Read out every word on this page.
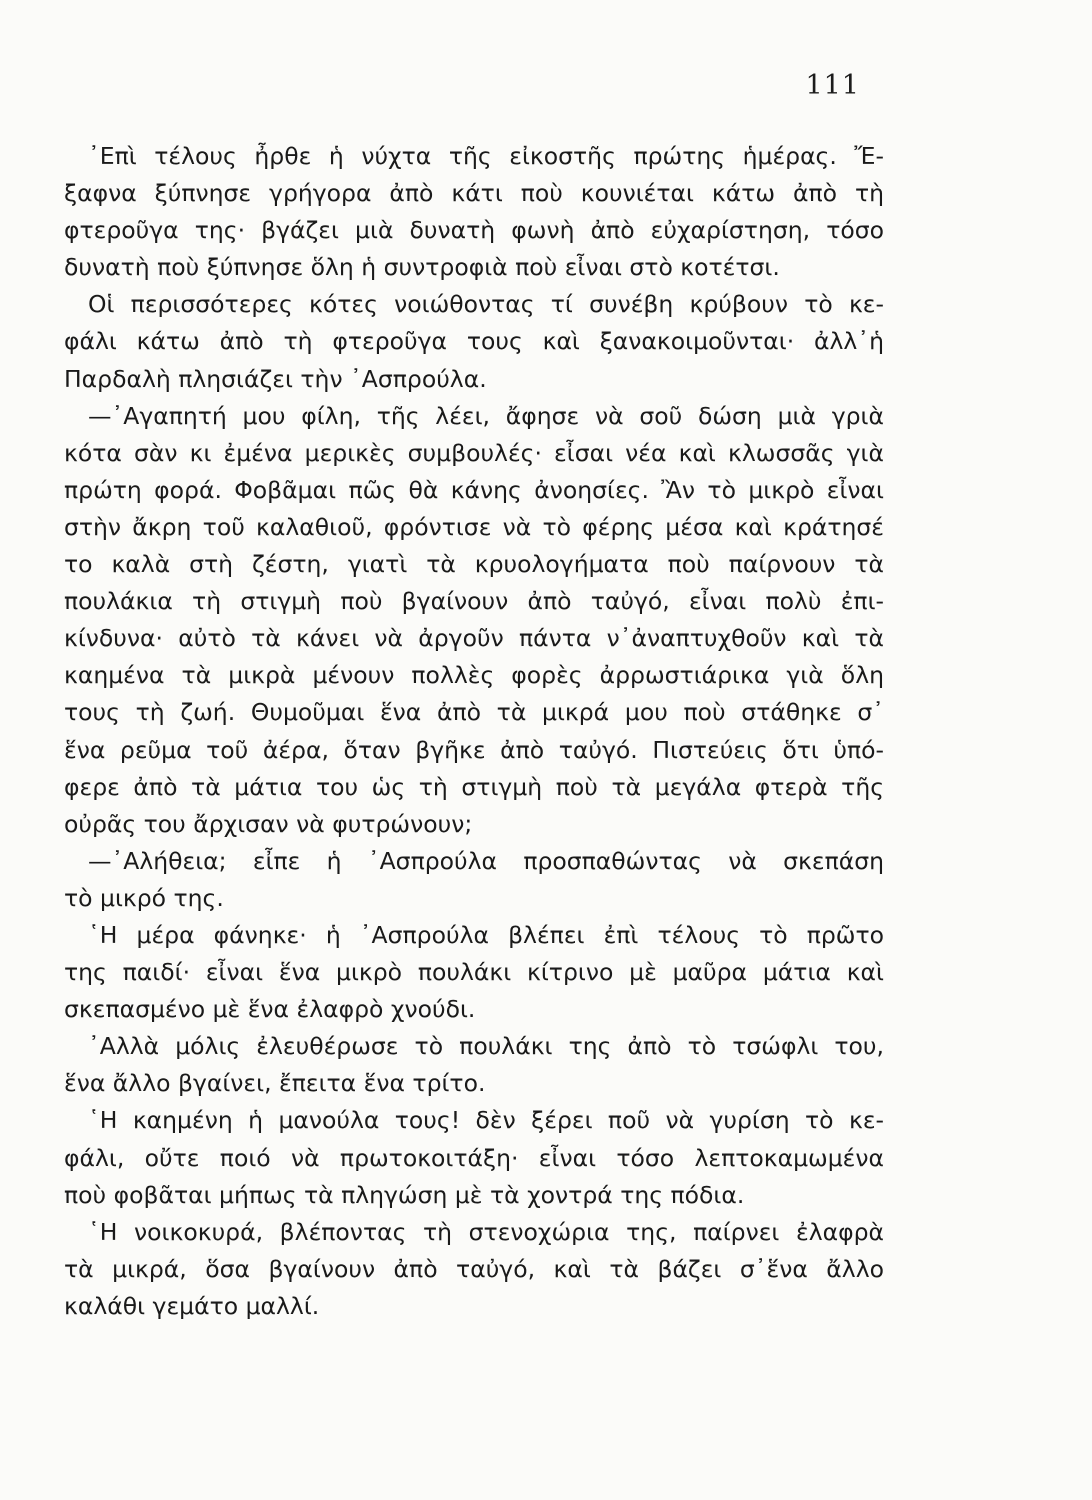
111
᾿Επὶ τέλους ἦρθε ἡ νύχτα τῆς εἰκοστῆς πρώτης ἡμέρας. Ἔ-
ξαφνα ξύπνησε γρήγορα ἀπὸ κάτι ποὺ κουνιέται κάτω ἀπὸ τὴ
φτεροῦγα της· βγάζει μιὰ δυνατὴ φωνὴ ἀπὸ εὐχαρίστηση, τόσο
δυνατὴ ποὺ ξύπνησε ὅλη ἡ συντροφιὰ ποὺ εἶναι στὸ κοτέτσι.
Οἱ περισσότερες κότες νοιώθοντας τί συνέβη κρύβουν τὸ κε-
φάλι κάτω ἀπὸ τὴ φτεροῦγα τους καὶ ξανακοιμοῦνται· ἀλλ᾿ἡ
Παρδαλὴ πλησιάζει τὴν ᾿Ασπρούλα.
—᾿Αγαπητή μου φίλη, τῆς λέει, ἄφησε νὰ σοῦ δώση μιὰ γριὰ
κότα σὰν κι ἐμένα μερικὲς συμβουλές· εἶσαι νέα καὶ κλωσσᾶς γιὰ
πρώτη φορά. Φοβᾶμαι πῶς θὰ κάνης ἀνοησίες. Ἂν τὸ μικρὸ εἶναι
στὴν ἄκρη τοῦ καλαθιοῦ, φρόντισε νὰ τὸ φέρης μέσα καὶ κράτησέ
το καλὰ στὴ ζέστη, γιατὶ τὰ κρυολογήματα ποὺ παίρνουν τὰ
πουλάκια τὴ στιγμὴ ποὺ βγαίνουν ἀπὸ ταὐγό, εἶναι πολὺ ἐπι-
κίνδυνα· αὐτὸ τὰ κάνει νὰ ἀργοῦν πάντα ν᾿ἀναπτυχθοῦν καὶ τὰ
καημένα τὰ μικρὰ μένουν πολλὲς φορὲς ἀρρωστιάρικα γιὰ ὅλη
τους τὴ ζωή. Θυμοῦμαι ἕνα ἀπὸ τὰ μικρά μου ποὺ στάθηκε σ᾿
ἕνα ρεῦμα τοῦ ἀέρα, ὅταν βγῆκε ἀπὸ ταὐγό. Πιστεύεις ὅτι ὑπό-
φερε ἀπὸ τὰ μάτια του ὡς τὴ στιγμὴ ποὺ τὰ μεγάλα φτερὰ τῆς
οὐρᾶς του ἄρχισαν νὰ φυτρώνουν;
—᾿Αλήθεια; εἶπε ἡ ᾿Ασπρούλα προσπαθώντας νὰ σκεπάση
τὸ μικρό της.
῾Η μέρα φάνηκε· ἡ ᾿Ασπρούλα βλέπει ἐπὶ τέλους τὸ πρῶτο
της παιδί· εἶναι ἕνα μικρὸ πουλάκι κίτρινο μὲ μαῦρα μάτια καὶ
σκεπασμένο μὲ ἕνα ἐλαφρὸ χνούδι.
᾿Αλλὰ μόλις ἐλευθέρωσε τὸ πουλάκι της ἀπὸ τὸ τσώφλι του,
ἕνα ἄλλο βγαίνει, ἔπειτα ἕνα τρίτο.
῾Η καημένη ἡ μανούλα τους! δὲν ξέρει ποῦ νὰ γυρίση τὸ κε-
φάλι, οὔτε ποιό νὰ πρωτοκοιτάξη· εἶναι τόσο λεπτοκαμωμένα
ποὺ φοβᾶται μήπως τὰ πληγώση μὲ τὰ χοντρά της πόδια.
῾Η νοικοκυρά, βλέποντας τὴ στενοχώρια της, παίρνει ἐλαφρὰ
τὰ μικρά, ὅσα βγαίνουν ἀπὸ ταὐγό, καὶ τὰ βάζει σ᾿ἕνα ἄλλο
καλάθι γεμάτο μαλλί.
